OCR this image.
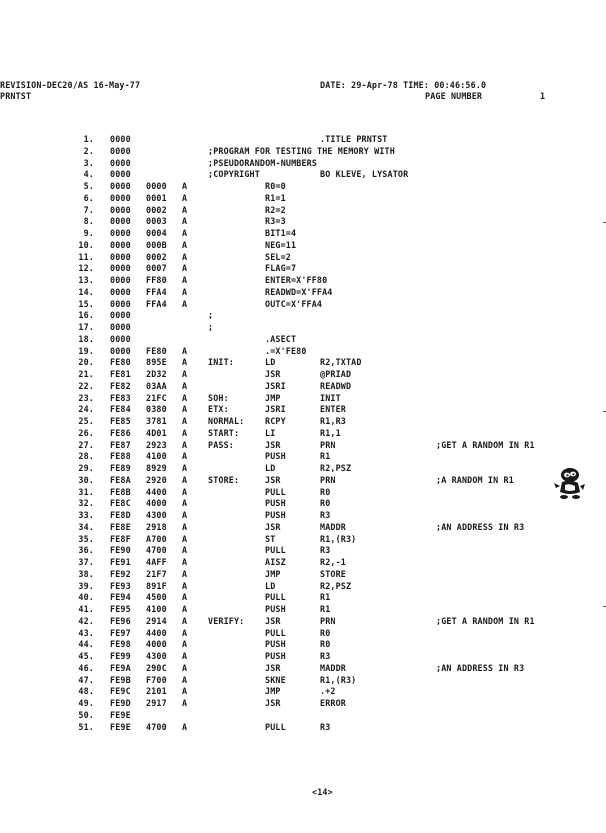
REVISION-DEC20/AS 16-May-77
PRNTST
DATE: 29-Apr-78 TIME: 00:46:56.0
PAGE NUMBER	1
1. 0000	.TITLE PRNTST
2. 0000	;PROGRAM FOR TESTING THE MEMORY WITH
3. 0000	;PSEUDORANDOM-NUMBERS
4. 0000	;COPYRIGHT	BO KLEVE, LYSATOR
5. 0000 0000 A	R0=0
6. 0000 0001 A	R1=1
7. 0000 0002 A	R2=2
8. 0000 0003 A	R3=3
9. 0000 0004 A	BIT1=4
10. 0000 000B A	NEG=11
11. 0000 0002 A	SEL=2
12. 0000 0007 A	FLAG=7
13. 0000 FF80 A	ENTER=X'FF80
14. 0000 FFA4 A	READWD=X'FFA4
15. 0000 FFA4 A	OUTC=X'FFA4
16. 0000	;
17. 0000	;
18. 0000	.ASECT
19. 0000 FE80 A	.=X'FE80
20. FE80 895E A INIT:	LD	R2,TXTAD
21. FE81 2D32 A	JSR	@PRIAD
22. FE82 03AA A	JSRI	READWD
23. FE83 21FC A SOH:	JMP	INIT
24. FE84 0380 A ETX:	JSRI	ENTER
25. FE85 3781 A NORMAL: RCPY	R1,R3
26. FE86 4D01 A START:	LI	R1,1
27. FE87 2923 A PASS:	JSR	PRN	;GET A RANDOM IN R1
28. FE88 4100 A	PUSH	R1
29. FE89 8929 A	LD	R2,PSZ
30. FE8A 2920 A STORE:	JSR	PRN	;A RANDOM IN R1
31. FE8B 4400 A	PULL	R0
32. FE8C 4000 A	PUSH	R0
33. FE8D 4300 A	PUSH	R3
34. FE8E 2918 A	JSR	MADDR	;AN ADDRESS IN R3
35. FE8F A700 A	ST	R1,(R3)
36. FE90 4700 A	PULL	R3
37. FE91 4AFF A	AISZ	R2,-1
38. FE92 21F7 A	JMP	STORE
39. FE93 891F A	LD	R2,PSZ
40. FE94 4500 A	PULL	R1
41. FE95 4100 A	PUSH	R1
42. FE96 2914 A VERIFY: JSR	PRN	;GET A RANDOM IN R1
43. FE97 4400 A	PULL	R0
44. FE98 4000 A	PUSH	R0
45. FE99 4300 A	PUSH	R3
46. FE9A 290C A	JSR	MADDR	;AN ADDRESS IN R3
47. FE9B F700 A	SKNE	R1,(R3)
48. FE9C 2101 A	JMP	.+2
49. FE9D 2917 A	JSR	ERROR
50. FE9E
51. FE9E 4700 A	PULL	R3
<14>
